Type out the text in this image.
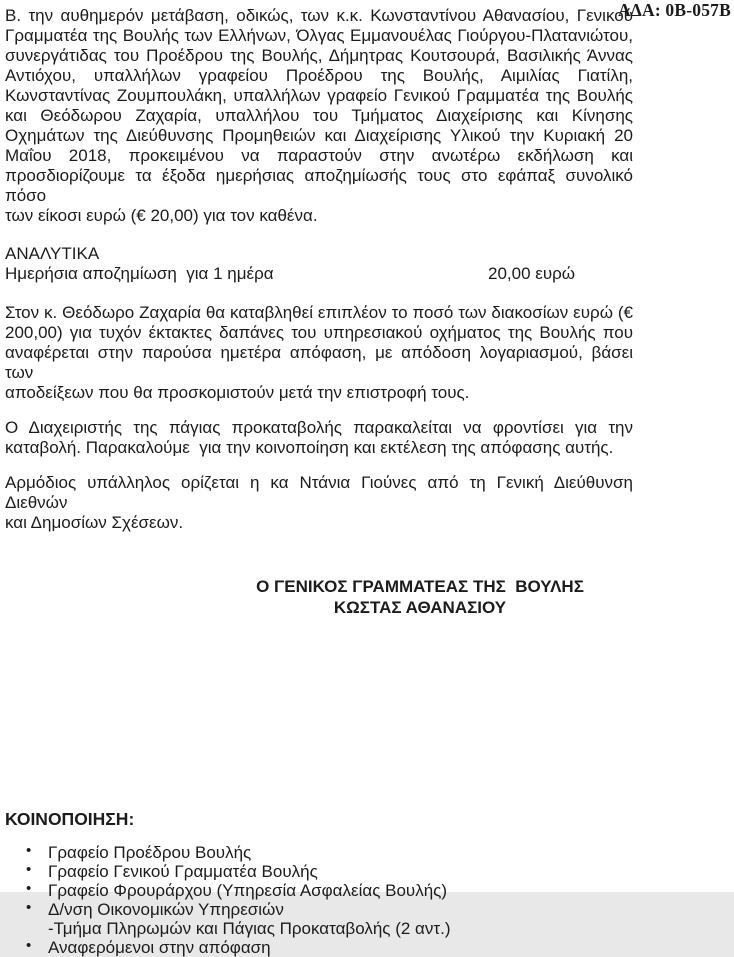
ΑΔΑ: 0Β-057Β
Β. την αυθημερόν μετάβαση, οδικώς, των κ.κ. Κωνσταντίνου Αθανασίου, Γενικού
Γραμματέα της Βουλής των Ελλήνων, Όλγας Εμμανουέλας Γιούργου-Πλατανιώτου,
συνεργάτιδας του Προέδρου της Βουλής, Δήμητρας Κουτσουρά, Βασιλικής Άννας
Αντιόχου, υπαλλήλων γραφείου Προέδρου της Βουλής, Αιμιλίας Γιατίλη,
Κωνσταντίνας Ζουμπουλάκη, υπαλλήλων γραφείο Γενικού Γραμματέα της Βουλής
και Θεόδωρου Ζαχαρία, υπαλλήλου του Τμήματος Διαχείρισης και Κίνησης
Οχημάτων της Διεύθυνσης Προμηθειών και Διαχείρισης Υλικού την Κυριακή 20
Μαΐου 2018, προκειμένου να παραστούν στην ανωτέρω εκδήλωση και
προσδιορίζουμε τα έξοδα ημερήσιας αποζημίωσής τους στο εφάπαξ συνολικό πόσο
των είκοσι ευρώ (€ 20,00) για τον καθένα.
ΑΝΑΛΥΤΙΚΑ
Ημερήσια αποζημίωση  για 1 ημέρα	20,00 ευρώ
Στον κ. Θεόδωρο Ζαχαρία θα καταβληθεί επιπλέον το ποσό των διακοσίων ευρώ (€
200,00) για τυχόν έκτακτες δαπάνες του υπηρεσιακού οχήματος της Βουλής που
αναφέρεται στην παρούσα ημετέρα απόφαση, με απόδοση λογαριασμού, βάσει των
αποδείξεων που θα προσκομιστούν μετά την επιστροφή τους.
Ο Διαχειριστής της πάγιας προκαταβολής παρακαλείται να φροντίσει για την
καταβολή. Παρακαλούμε  για την κοινοποίηση και εκτέλεση της απόφασης αυτής.
Αρμόδιος υπάλληλος ορίζεται η κα Ντάνια Γιούνες από τη Γενική Διεύθυνση Διεθνών
και Δημοσίων Σχέσεων.
Ο ΓΕΝΙΚΟΣ ΓΡΑΜΜΑΤΕΑΣ ΤΗΣ  ΒΟΥΛΗΣ
ΚΩΣΤΑΣ ΑΘΑΝΑΣΙΟΥ
ΚΟΙΝΟΠΟΙΗΣΗ:
• Γραφείο Προέδρου Βουλής
• Γραφείο Γενικού Γραμματέα Βουλής
• Γραφείο Φρουράρχου (Υπηρεσία Ασφαλείας Βουλής)
• Δ/νση Οικονομικών Υπηρεσιών
-Τμήμα Πληρωμών και Πάγιας Προκαταβολής (2 αντ.)
• Αναφερόμενοι στην απόφαση
